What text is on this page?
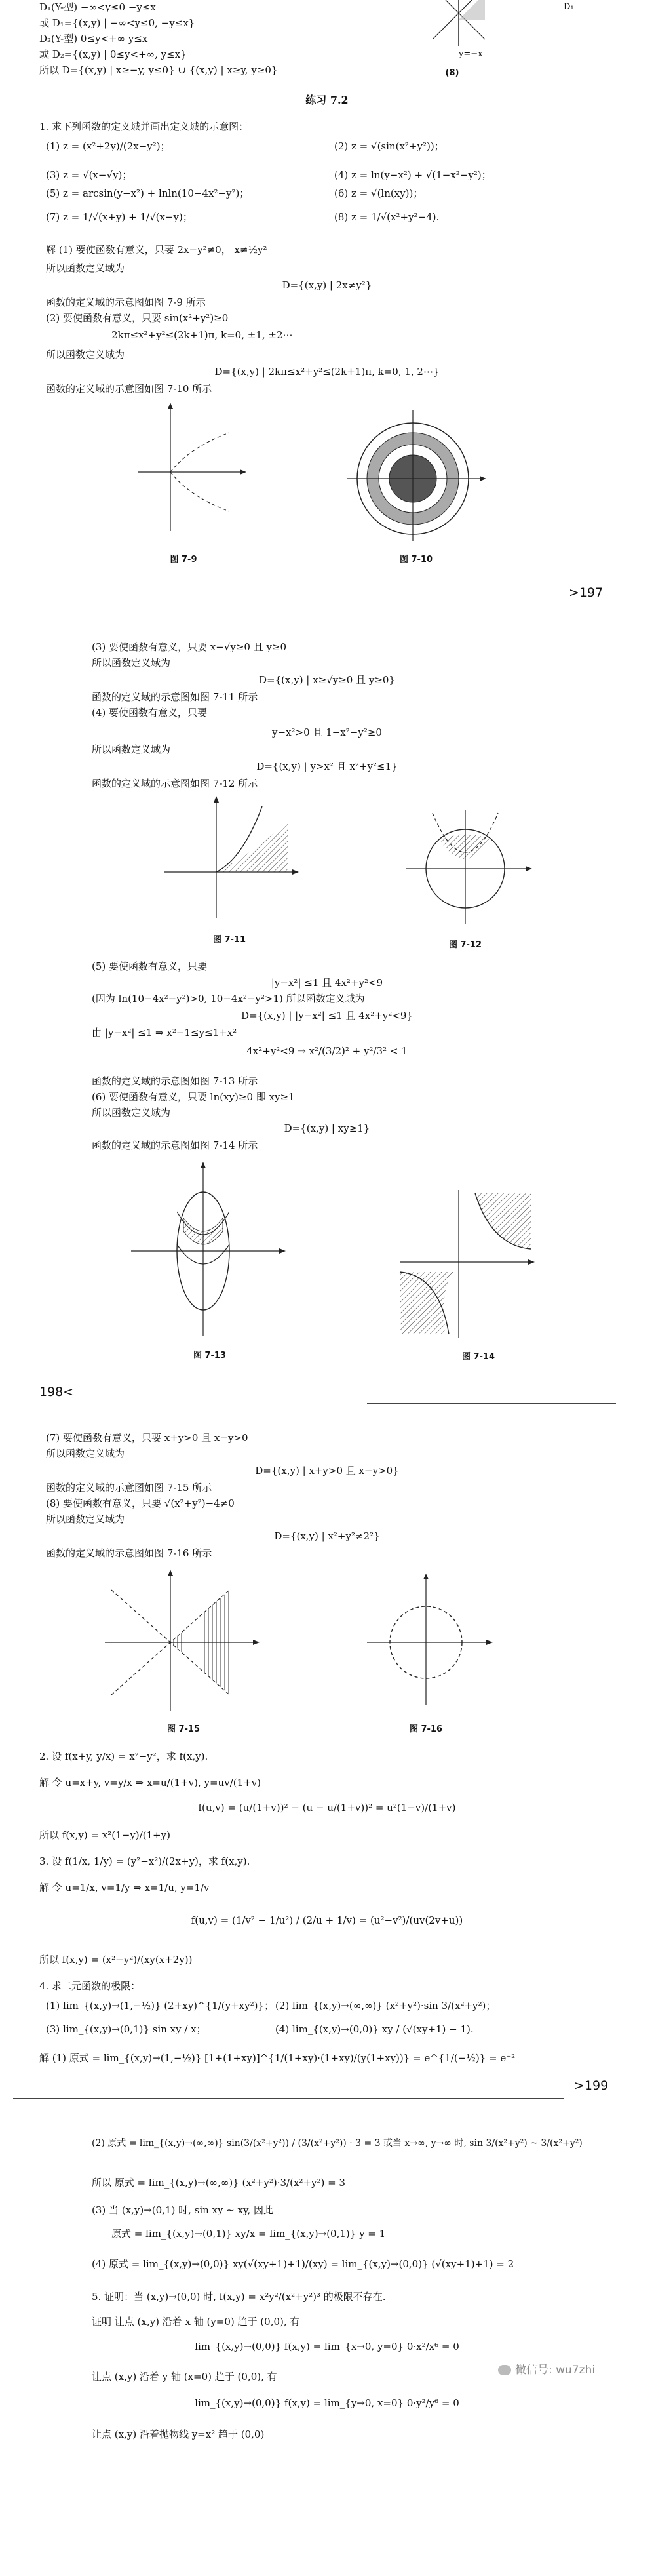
D₁(Y-型) −∞<y≤0 −y≤x
或 D₁={(x,y) | −∞<y≤0, −y≤x}
D₂(Y-型) 0≤y<+∞ y≤x
或 D₂={(x,y) | 0≤y<+∞, y≤x}
所以 D={(x,y) | x≥−y, y≤0} ∪ {(x,y) | x≥y, y≥0}
D₁
y=−x
(8)
练习 7.2
1. 求下列函数的定义域并画出定义域的示意图：
(1) z = (x²+2y)/(2x−y²)；	(2) z = √(sin(x²+y²))；
(3) z = √(x−√y)；	(4) z = ln(y−x²) + √(1−x²−y²)；
(5) z = arcsin(y−x²) + lnln(10−4x²−y²)；	(6) z = √(ln(xy))；
(7) z = 1/√(x+y) + 1/√(x−y)；	(8) z = 1/√(x²+y²−4).
解 (1) 要使函数有意义，只要 2x−y²≠0， x≠½y²
所以函数定义域为
D={(x,y) | 2x≠y²}
函数的定义域的示意图如图 7-9 所示
(2) 要使函数有意义，只要 sin(x²+y²)≥0
2kπ≤x²+y²≤(2k+1)π, k=0, ±1, ±2⋯
所以函数定义域为
D={(x,y) | 2kπ≤x²+y²≤(2k+1)π, k=0, 1, 2⋯}
函数的定义域的示意图如图 7-10 所示
图 7-9	图 7-10
>197
(3) 要使函数有意义，只要 x−√y≥0 且 y≥0
所以函数定义域为
D={(x,y) | x≥√y≥0 且 y≥0}
函数的定义域的示意图如图 7-11 所示
(4) 要使函数有意义，只要
y−x²>0 且 1−x²−y²≥0
所以函数定义域为
D={(x,y) | y>x² 且 x²+y²≤1}
函数的定义域的示意图如图 7-12 所示
图 7-11
图 7-12
(5) 要使函数有意义，只要
|y−x²| ≤1 且 4x²+y²<9
(因为 ln(10−4x²−y²)>0, 10−4x²−y²>1) 所以函数定义域为
D={(x,y) | |y−x²| ≤1 且 4x²+y²<9}
由 |y−x²| ≤1 ⇒ x²−1≤y≤1+x²
4x²+y²<9 ⇒ x²/(3/2)² + y²/3² < 1
函数的定义域的示意图如图 7-13 所示
(6) 要使函数有意义，只要 ln(xy)≥0 即 xy≥1
所以函数定义域为
D={(x,y) | xy≥1}
函数的定义域的示意图如图 7-14 所示
图 7-13	图 7-14
198<
(7) 要使函数有意义，只要 x+y>0 且 x−y>0
所以函数定义域为
D={(x,y) | x+y>0 且 x−y>0}
函数的定义域的示意图如图 7-15 所示
(8) 要使函数有意义，只要 √(x²+y²)−4≠0
所以函数定义域为
D={(x,y) | x²+y²≠2²}
函数的定义域的示意图如图 7-16 所示
图 7-15	图 7-16
2. 设 f(x+y, y/x) = x²−y²，求 f(x,y).
解 令 u=x+y, v=y/x ⇒ x=u/(1+v), y=uv/(1+v)
f(u,v) = (u/(1+v))² − (u − u/(1+v))² = u²(1−v)/(1+v)
所以 f(x,y) = x²(1−y)/(1+y)
3. 设 f(1/x, 1/y) = (y²−x²)/(2x+y)，求 f(x,y).
解 令 u=1/x, v=1/y ⇒ x=1/u, y=1/v
f(u,v) = (1/v² − 1/u²) / (2/u + 1/v) = (u²−v²)/(uv(2v+u))
所以 f(x,y) = (x²−y²)/(xy(x+2y))
4. 求二元函数的极限：
(1) lim_{(x,y)→(1,−½)} (2+xy)^{1/(y+xy²)}； (2) lim_{(x,y)→(∞,∞)} (x²+y²)·sin 3/(x²+y²)；
(3) lim_{(x,y)→(0,1)} sin xy / x；	(4) lim_{(x,y)→(0,0)} xy / (√(xy+1) − 1).
解 (1) 原式 = lim_{(x,y)→(1,−½)} [1+(1+xy)]^{1/(1+xy)·(1+xy)/(y(1+xy))} = e^{1/(−½)} = e⁻²
>199
(2) 原式 = lim_{(x,y)→(∞,∞)} sin(3/(x²+y²)) / (3/(x²+y²)) · 3 = 3 或当 x→∞, y→∞ 时, sin 3/(x²+y²) ~ 3/(x²+y²)
所以 原式 = lim_{(x,y)→(∞,∞)} (x²+y²)·3/(x²+y²) = 3
(3) 当 (x,y)→(0,1) 时, sin xy ~ xy, 因此
原式 = lim_{(x,y)→(0,1)} xy/x = lim_{(x,y)→(0,1)} y = 1
(4) 原式 = lim_{(x,y)→(0,0)} xy(√(xy+1)+1)/(xy) = lim_{(x,y)→(0,0)} (√(xy+1)+1) = 2
5. 证明：当 (x,y)→(0,0) 时, f(x,y) = x²y²/(x²+y²)³ 的极限不存在.
证明 让点 (x,y) 沿着 x 轴 (y=0) 趋于 (0,0), 有
lim_{(x,y)→(0,0)} f(x,y) = lim_{x→0, y=0} 0·x²/x⁶ = 0
让点 (x,y) 沿着 y 轴 (x=0) 趋于 (0,0), 有
lim_{(x,y)→(0,0)} f(x,y) = lim_{y→0, x=0} 0·y²/y⁶ = 0
让点 (x,y) 沿着抛物线 y=x² 趋于 (0,0)
微信号: wu7zhi
